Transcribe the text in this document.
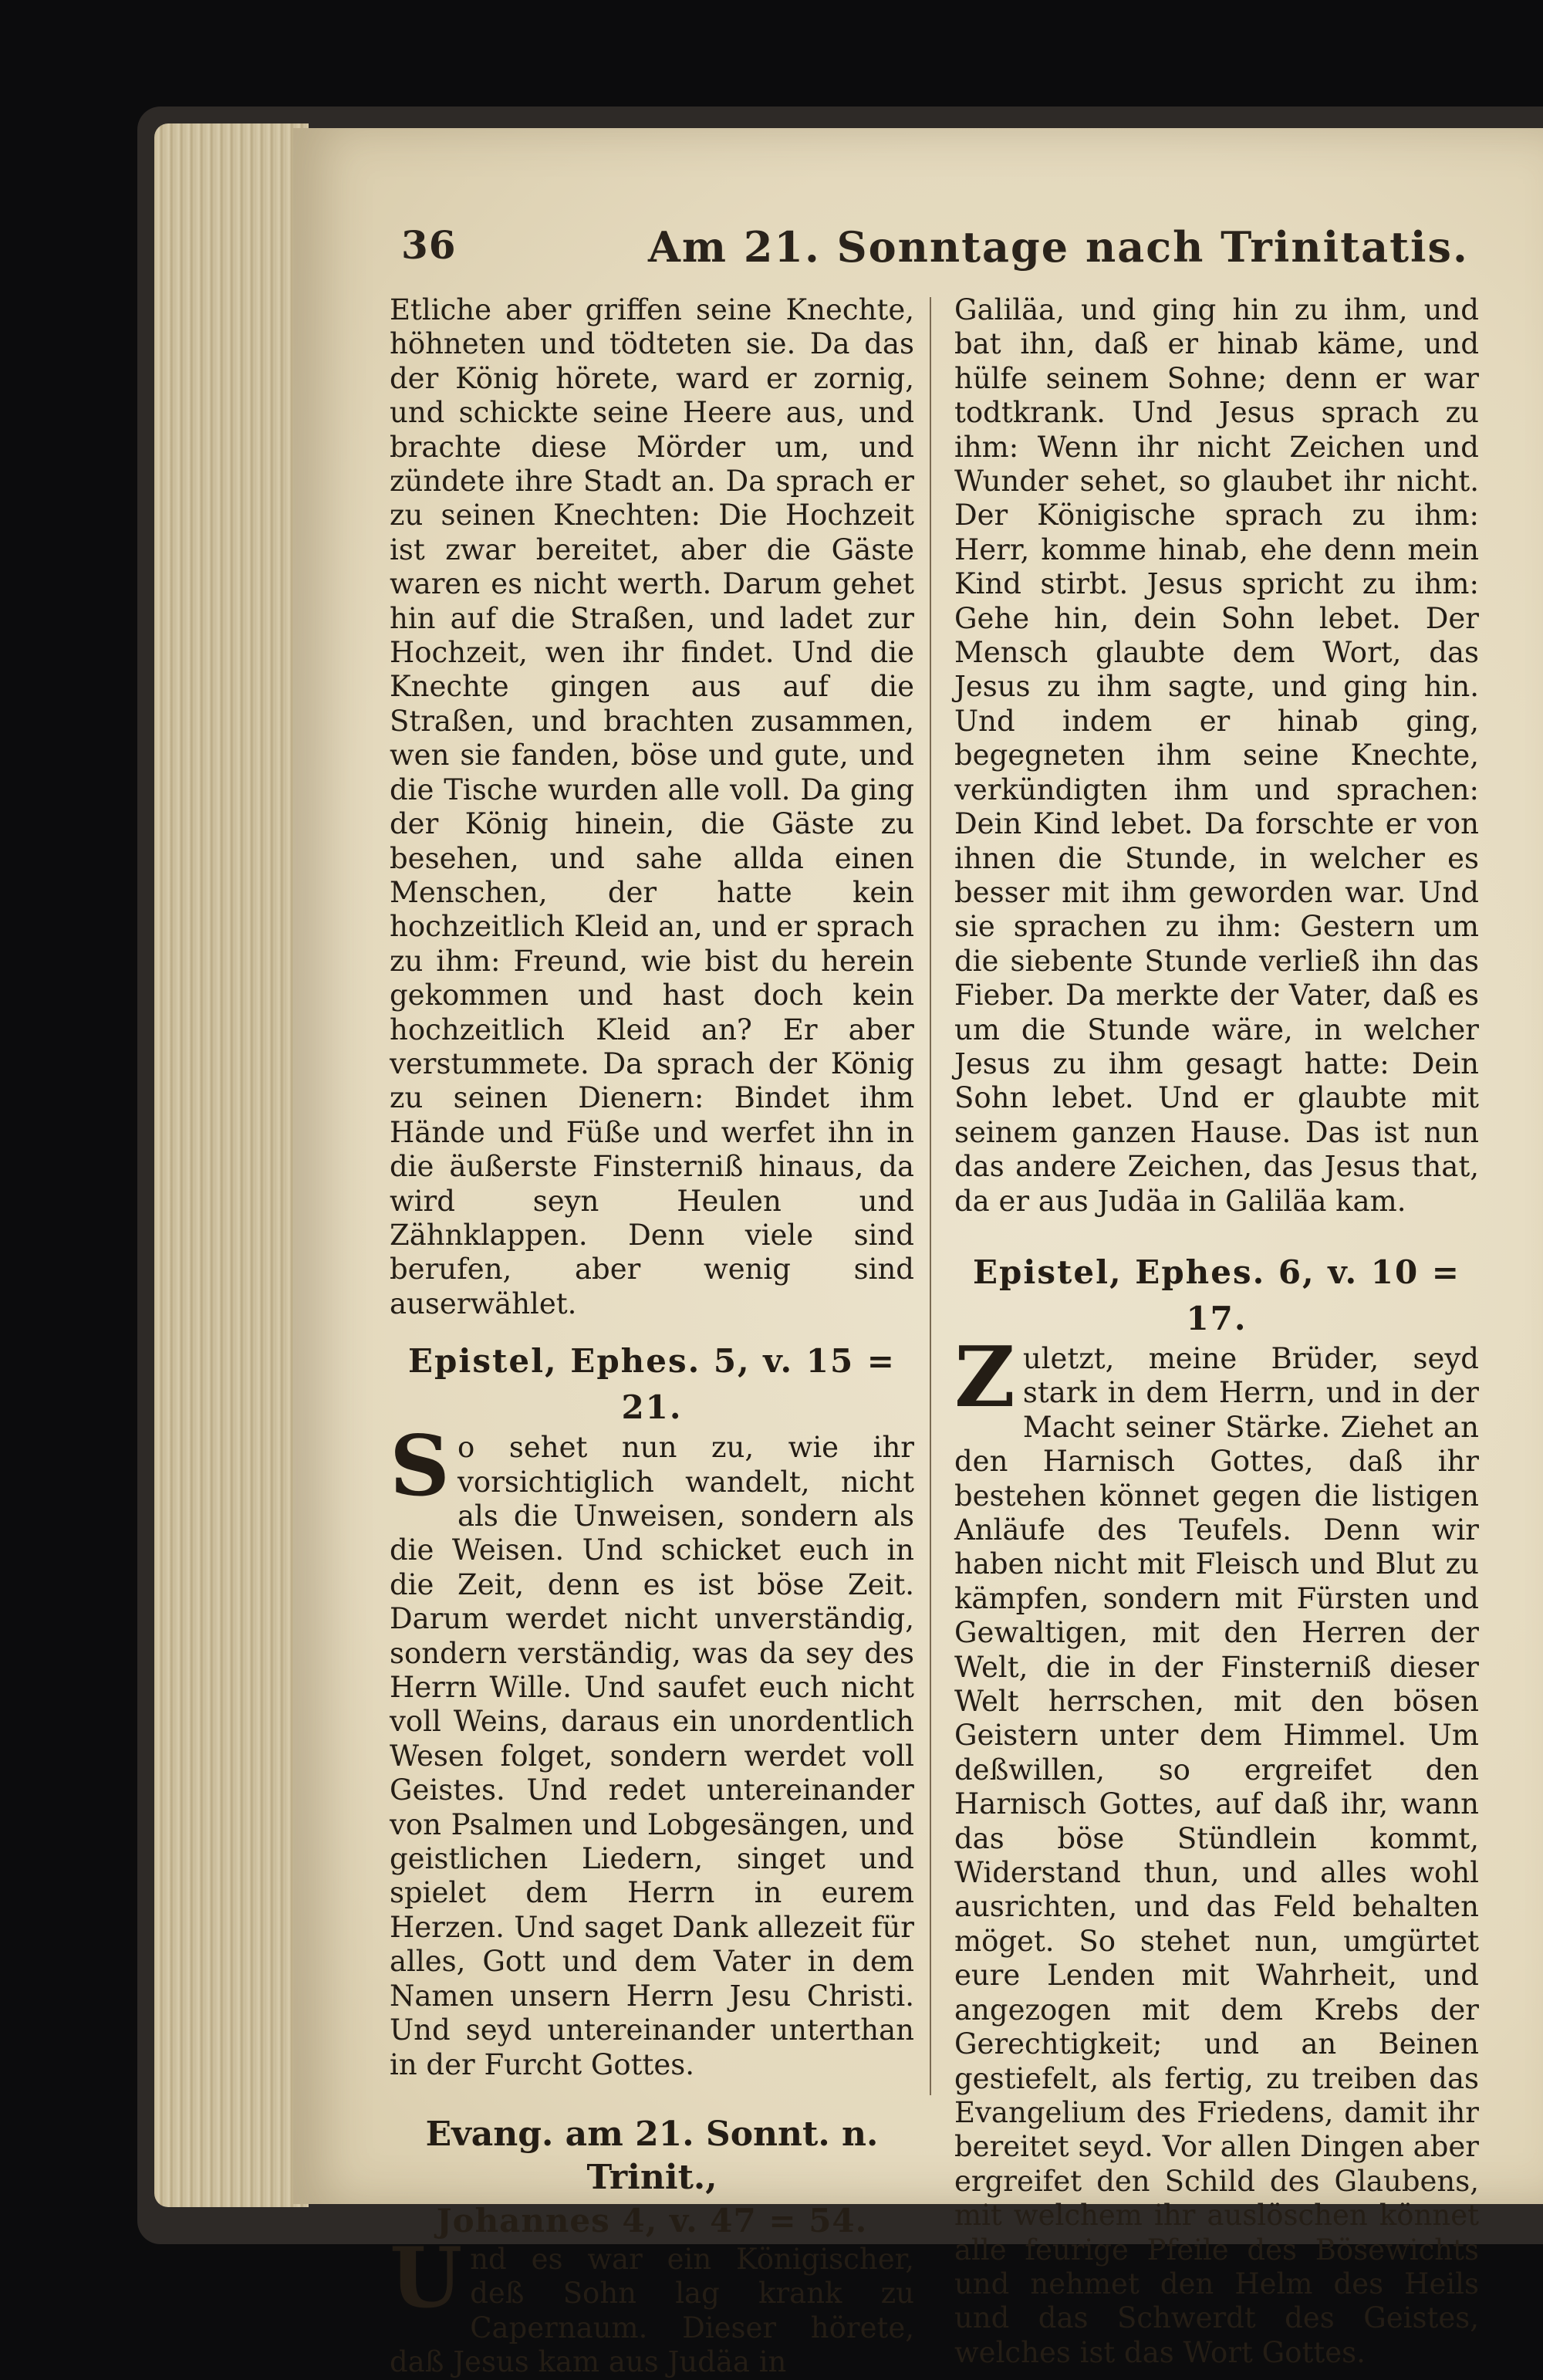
36	Am 21. Sonntage nach Trinitatis.

Etliche aber griffen seine Knechte, höhneten und tödteten sie. Da das der König hörete, ward er zornig, und schickte seine Heere aus, und brachte diese Mörder um, und zündete ihre Stadt an. Da sprach er zu seinen Knechten: Die Hochzeit ist zwar bereitet, aber die Gäste waren es nicht werth. Darum gehet hin auf die Straßen, und ladet zur Hochzeit, wen ihr findet. Und die Knechte gingen aus auf die Straßen, und brachten zusammen, wen sie fanden, böse und gute, und die Tische wurden alle voll. Da ging der König hinein, die Gäste zu besehen, und sahe allda einen Menschen, der hatte kein hochzeitlich Kleid an, und er sprach zu ihm: Freund, wie bist du herein gekommen und hast doch kein hochzeitlich Kleid an? Er aber verstummete. Da sprach der König zu seinen Dienern: Bindet ihm Hände und Füße und werfet ihn in die äußerste Finsterniß hinaus, da wird seyn Heulen und Zähnklappen. Denn viele sind berufen, aber wenig sind auserwählet.

Epistel, Ephes. 5, v. 15 = 21.

So sehet nun zu, wie ihr vorsichtiglich wandelt, nicht als die Unweisen, sondern als die Weisen. Und schicket euch in die Zeit, denn es ist böse Zeit. Darum werdet nicht unverständig, sondern verständig, was da sey des Herrn Wille. Und saufet euch nicht voll Weins, daraus ein unordentlich Wesen folget, sondern werdet voll Geistes. Und redet untereinander von Psalmen und Lobgesängen, und geistlichen Liedern, singet und spielet dem Herrn in eurem Herzen. Und saget Dank allezeit für alles, Gott und dem Vater in dem Namen unsern Herrn Jesu Christi. Und seyd untereinander unterthan in der Furcht Gottes.

Evang. am 21. Sonnt. n. Trinit.,
Johannes 4, v. 47 = 54.

Und es war ein Königischer, deß Sohn lag krank zu Capernaum. Dieser hörete, daß Jesus kam aus Judäa in

Galiläa, und ging hin zu ihm, und bat ihn, daß er hinab käme, und hülfe seinem Sohne; denn er war todtkrank. Und Jesus sprach zu ihm: Wenn ihr nicht Zeichen und Wunder sehet, so glaubet ihr nicht. Der Königische sprach zu ihm: Herr, komme hinab, ehe denn mein Kind stirbt. Jesus spricht zu ihm: Gehe hin, dein Sohn lebet. Der Mensch glaubte dem Wort, das Jesus zu ihm sagte, und ging hin. Und indem er hinab ging, begegneten ihm seine Knechte, verkündigten ihm und sprachen: Dein Kind lebet. Da forschte er von ihnen die Stunde, in welcher es besser mit ihm geworden war. Und sie sprachen zu ihm: Gestern um die siebente Stunde verließ ihn das Fieber. Da merkte der Vater, daß es um die Stunde wäre, in welcher Jesus zu ihm gesagt hatte: Dein Sohn lebet. Und er glaubte mit seinem ganzen Hause. Das ist nun das andere Zeichen, das Jesus that, da er aus Judäa in Galiläa kam.

Epistel, Ephes. 6, v. 10 = 17.

Zuletzt, meine Brüder, seyd stark in dem Herrn, und in der Macht seiner Stärke. Ziehet an den Harnisch Gottes, daß ihr bestehen könnet gegen die listigen Anläufe des Teufels. Denn wir haben nicht mit Fleisch und Blut zu kämpfen, sondern mit Fürsten und Gewaltigen, mit den Herren der Welt, die in der Finsterniß dieser Welt herrschen, mit den bösen Geistern unter dem Himmel. Um deßwillen, so ergreifet den Harnisch Gottes, auf daß ihr, wann das böse Stündlein kommt, Widerstand thun, und alles wohl ausrichten, und das Feld behalten möget. So stehet nun, umgürtet eure Lenden mit Wahrheit, und angezogen mit dem Krebs der Gerechtigkeit; und an Beinen gestiefelt, als fertig, zu treiben das Evangelium des Friedens, damit ihr bereitet seyd. Vor allen Dingen aber ergreifet den Schild des Glaubens, mit welchem ihr auslöschen könnet alle feurige Pfeile des Bösewichts und nehmet den Helm des Heils und das Schwerdt des Geistes, welches ist das Wort Gottes.
